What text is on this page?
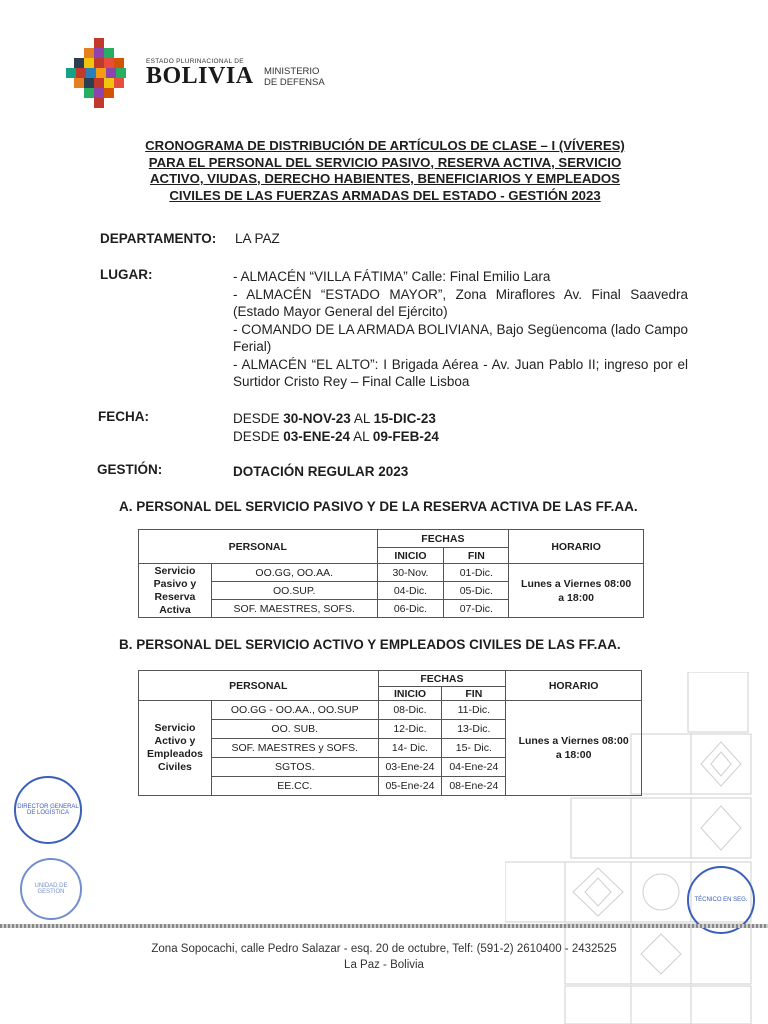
ESTADO PLURINACIONAL DE
BOLIVIA MINISTERIO
DE DEFENSA
CRONOGRAMA DE DISTRIBUCIÓN DE ARTÍCULOS DE CLASE – I (VÍVERES)
PARA EL PERSONAL DEL SERVICIO PASIVO, RESERVA ACTIVA, SERVICIO
ACTIVO, VIUDAS, DERECHO HABIENTES, BENEFICIARIOS Y EMPLEADOS
CIVILES DE LAS FUERZAS ARMADAS DEL ESTADO - GESTIÓN 2023
DEPARTAMENTO: LA PAZ
LUGAR:	- ALMACÉN “VILLA FÁTIMA” Calle: Final Emilio Lara
- ALMACÉN “ESTADO MAYOR”, Zona Miraflores Av. Final Saavedra (Estado Mayor General del Ejército)
- COMANDO DE LA ARMADA BOLIVIANA, Bajo Següencoma (lado Campo Ferial)
- ALMACÉN “EL ALTO”: I Brigada Aérea - Av. Juan Pablo II; ingreso por el Surtidor Cristo Rey – Final Calle Lisboa
FECHA:	DESDE 30-NOV-23 AL 15-DIC-23
DESDE 03-ENE-24 AL 09-FEB-24
GESTIÓN:	DOTACIÓN REGULAR 2023
A. PERSONAL DEL SERVICIO PASIVO Y DE LA RESERVA ACTIVA DE LAS FF.AA.
PERSONAL		FECHAS		HORARIO
		INICIO	FIN	
Servicio Pasivo y Reserva Activa	OO.GG, OO.AA.	30-Nov.	01-Dic.	Lunes a Viernes 08:00 a 18:00
	OO.SUP.	04-Dic.	05-Dic.	
	SOF. MAESTRES, SOFS.	06-Dic.	07-Dic.	
B. PERSONAL DEL SERVICIO ACTIVO Y EMPLEADOS CIVILES DE LAS FF.AA.
PERSONAL		FECHAS		HORARIO
		INICIO	FIN	
Servicio Activo y Empleados Civiles	OO.GG - OO.AA., OO.SUP	08-Dic.	11-Dic.	Lunes a Viernes 08:00 a 18:00
	OO. SUB.	12-Dic.	13-Dic.	
	SOF. MAESTRES y SOFS.	14- Dic.	15- Dic.	
	SGTOS.	03-Ene-24	04-Ene-24	
	EE.CC.	05-Ene-24	08-Ene-24	
DIRECTOR GENERAL DE LOGÍSTICA
UNIDAD DE GESTIÓN
TÉCNICO EN SEG.
Zona Sopocachi, calle Pedro Salazar - esq. 20 de octubre, Telf: (591-2) 2610400 - 2432525
La Paz - Bolivia
